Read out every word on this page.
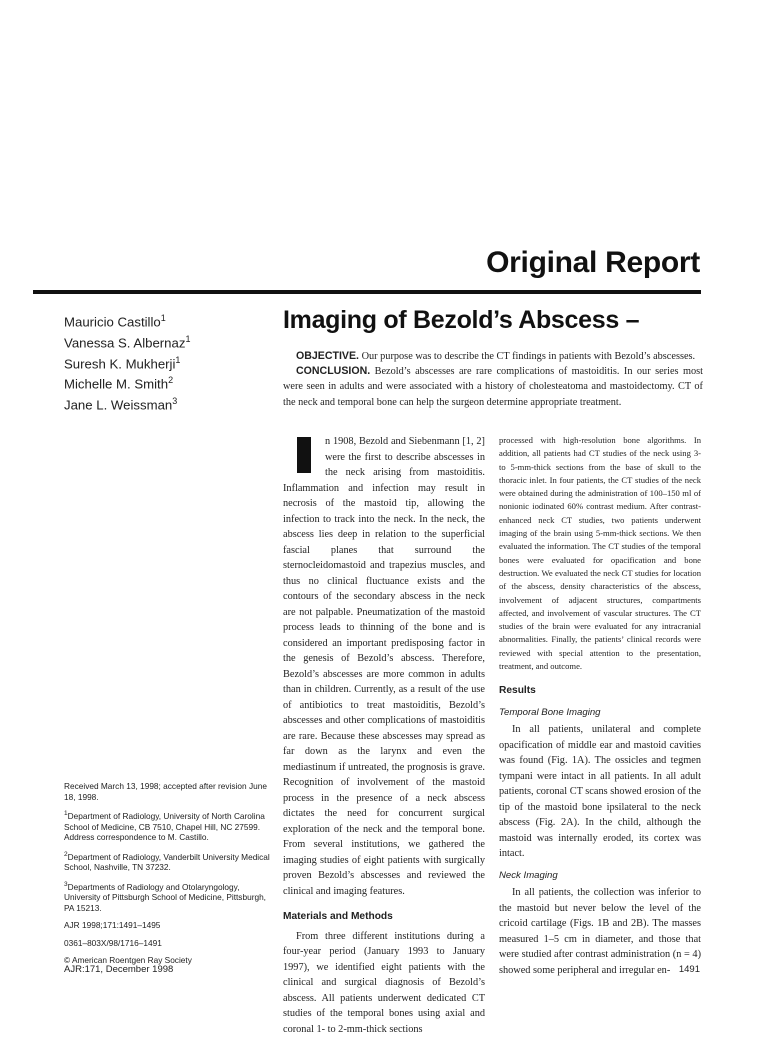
Original Report
Mauricio Castillo$^1$
Vanessa S. Albernaz$^1$
Suresh K. Mukherji$^1$
Michelle M. Smith$^2$
Jane L. Weissman$^3$
Imaging of Bezold’s Abscess –

OBJECTIVE. Our purpose was to describe the CT findings in patients with Bezold’s abscesses.

CONCLUSION. Bezold’s abscesses are rare complications of mastoiditis. In our series most were seen in adults and were associated with a history of cholesteatoma and mastoidectomy. CT of the neck and temporal bone can help the surgeon determine appropriate treatment.

n 1908, Bezold and Siebenmann [1, 2] were the first to describe abscesses in the neck arising from mastoiditis. Inflammation and infection may result in necrosis of the mastoid tip, allowing the infection to track into the neck. In the neck, the abscess lies deep in relation to the superficial fascial planes that surround the sternocleidomastoid and trapezius muscles, and thus no clinical fluctuance exists and the contours of the secondary abscess in the neck are not palpable. Pneumatization of the mastoid process leads to thinning of the bone and is considered an important predisposing factor in the genesis of Bezold’s abscess. Therefore, Bezold’s abscesses are more common in adults than in children. Currently, as a result of the use of antibiotics to treat mastoiditis, Bezold’s abscesses and other complications of mastoiditis are rare. Because these abscesses may spread as far down as the larynx and even the mediastinum if untreated, the prognosis is grave. Recognition of involvement of the mastoid process in the presence of a neck abscess dictates the need for concurrent surgical exploration of the neck and the temporal bone. From several institutions, we gathered the imaging studies of eight patients with surgically proven Bezold’s abscesses and reviewed the clinical and imaging features.

Materials and Methods

From three different institutions during a four-year period (January 1993 to January 1997), we identified eight patients with the clinical and surgical diagnosis of Bezold’s abscess. All patients underwent dedicated CT studies of the temporal bones using axial and coronal 1- to 2-mm-thick sections

processed with high-resolution bone algorithms. In addition, all patients had CT studies of the neck using 3- to 5-mm-thick sections from the base of skull to the thoracic inlet. In four patients, the CT studies of the neck were obtained during the administration of 100–150 ml of nonionic iodinated 60% contrast medium. After contrast-enhanced neck CT studies, two patients underwent imaging of the brain using 5-mm-thick sections. We then evaluated the information. The CT studies of the temporal bones were evaluated for opacification and bone destruction. We evaluated the neck CT studies for location of the abscess, density characteristics of the abscess, involvement of adjacent structures, compartments affected, and involvement of vascular structures. The CT studies of the brain were evaluated for any intracranial abnormalities. Finally, the patients’ clinical records were reviewed with special attention to the presentation, treatment, and outcome.

Results
Temporal Bone Imaging

In all patients, unilateral and complete opacification of middle ear and mastoid cavities was found (Fig. 1A). The ossicles and tegmen tympani were intact in all patients. In all adult patients, coronal CT scans showed erosion of the tip of the mastoid bone ipsilateral to the neck abscess (Fig. 2A). In the child, although the mastoid was internally eroded, its cortex was intact.

Neck Imaging

In all patients, the collection was inferior to the mastoid but never below the level of the cricoid cartilage (Figs. 1B and 2B). The masses measured 1–5 cm in diameter, and those that were studied after contrast administration (n = 4) showed some peripheral and irregular en-

Received March 13, 1998; accepted after revision June 18, 1998.

$^1$Department of Radiology, University of North Carolina School of Medicine, CB 7510, Chapel Hill, NC 27599. Address correspondence to M. Castillo.

$^2$Department of Radiology, Vanderbilt University Medical School, Nashville, TN 37232.

$^3$Departments of Radiology and Otolaryngology, University of Pittsburgh School of Medicine, Pittsburgh, PA 15213.

AJR 1998;171:1491–1495

0361–803X/98/1716–1491

© American Roentgen Ray Society

AJR:171, December 1998	1491
